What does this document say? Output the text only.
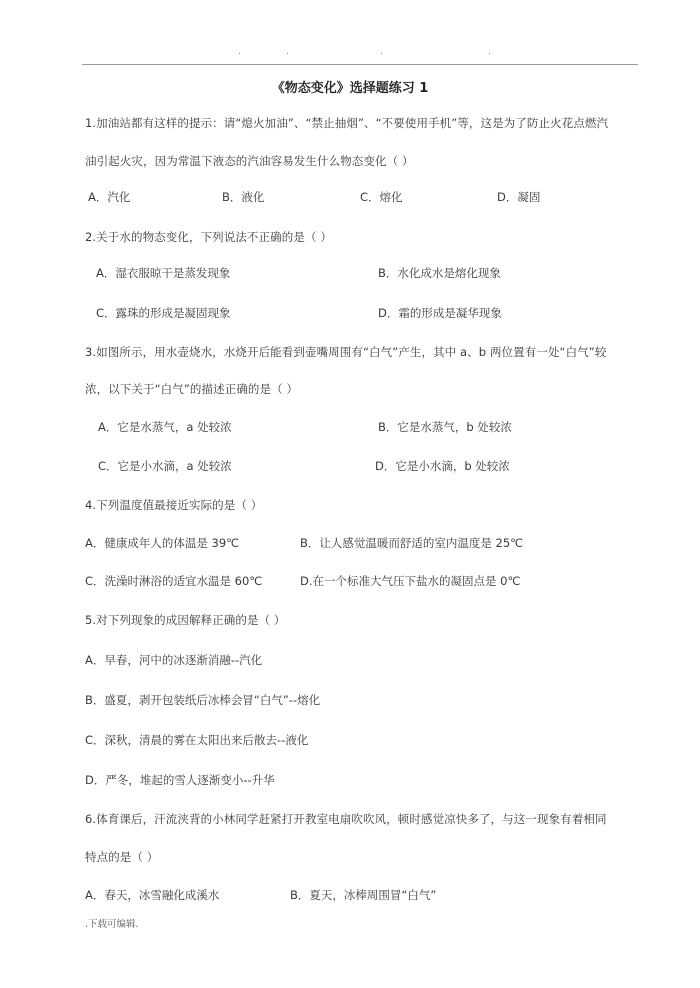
.	.	.	.
《物态变化》选择题练习 1
1.加油站都有这样的提示：请“熄火加油”、“禁止抽烟”、“不要使用手机”等，这是为了防止火花点燃汽
油引起火灾，因为常温下液态的汽油容易发生什么物态变化（ ）
A．汽化	B．液化	C．熔化	D．凝固
2.关于水的物态变化，下列说法不正确的是（ ）
A．湿衣服晾干是蒸发现象	B．水化成水是熔化现象
C．露珠的形成是凝固现象	D．霜的形成是凝华现象
3.如图所示，用水壶烧水，水烧开后能看到壶嘴周围有“白气”产生，其中 a、b 两位置有一处“白气”较
浓，以下关于“白气”的描述正确的是（ ）
A．它是水蒸气，a 处较浓	B．它是水蒸气，b 处较浓
C．它是小水滴，a 处较浓	D．它是小水滴，b 处较浓
4.下列温度值最接近实际的是（ ）
A．健康成年人的体温是 39℃	B．让人感觉温暖而舒适的室内温度是 25℃
C．洗澡时淋浴的适宜水温是 60℃	D.在一个标准大气压下盐水的凝固点是 0℃
5.对下列现象的成因解释正确的是（ ）
A．早春，河中的冰逐渐消融--汽化
B．盛夏，剥开包装纸后冰棒会冒“白气”--熔化
C．深秋，清晨的雾在太阳出来后散去--液化
D．严冬，堆起的雪人逐渐变小--升华
6.体育课后，汗流浃背的小林同学赶紧打开教室电扇吹吹风，顿时感觉凉快多了，与这一现象有着相同
特点的是（ ）
A．春天，冰雪融化成溪水	B．夏天，冰棒周围冒“白气”
.下载可编辑.
